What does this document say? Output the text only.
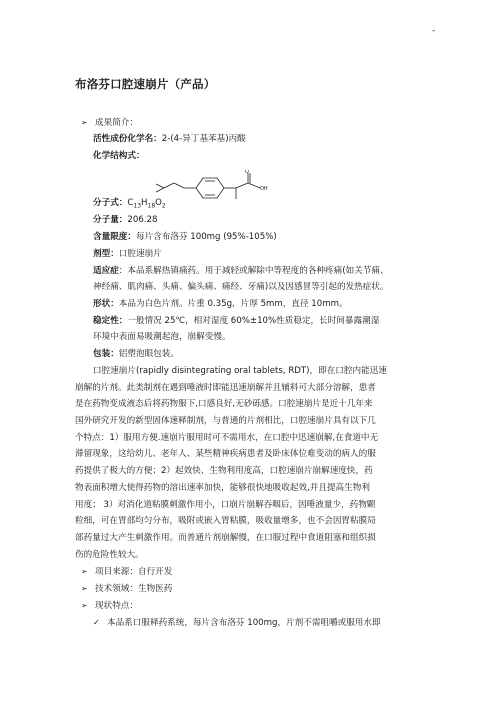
-
布洛芬口腔速崩片（产品）
➢ 成果简介：
活性成份化学名：2-(4-异丁基苯基)丙酸
化学结构式：
O
OH
分子式：$C_{13}H_{18}O_2$
分子量：206.28
含量限度：每片含布洛芬 100mg (95%-105%)
剂型：口腔速崩片
适应症：本品系解热镇痛药。用于减轻或解除中等程度的各种疼痛(如关节痛、
神经痛、肌肉痛、头痛、偏头痛、痛经、牙痛)以及因感冒等引起的发热症状。
形状：本品为白色片剂。片重 0.35g，片厚 5mm，直径 10mm。
稳定性：一般情况 25℃，相对湿度 60%±10%性质稳定，长时间暴露潮湿
环境中表面易吸潮起泡，崩解变慢。
包装：铝塑泡眼包装。
口腔速崩片(rapidly disintegrating oral tablets, RDT)，即在口腔内能迅速
崩解的片剂。此类制剂在遇到唾液时即能迅速崩解并且辅料可大部分溶解，患者
是在药物变成液态后将药物服下,口感良好,无砂砾感。口腔速崩片是近十几年来
国外研究开发的新型固体速释制剂，与普通的片剂相比，口腔速崩片具有以下几
个特点：1）服用方便.速崩片服用时可不需用水，在口腔中迅速崩解,在食道中无
滞留现象，这给幼儿、老年人、某些精神疾病患者及卧床体位难变动的病人的服
药提供了极大的方便；2）起效快、生物利用度高，口腔速崩片崩解速度快，药
物表面积增大使得药物的溶出速率加快，能够很快地吸收起效,并且提高生物利
用度； 3）对消化道粘膜刺激作用小，口崩片崩解吞咽后，因唾液量少，药物颗
粒细，可在胃部均匀分布，吸附或嵌入胃粘膜，吸收量增多，也不会因胃粘膜局
部药量过大产生刺激作用。而普通片剂崩解慢，在口服过程中食道阻塞和组织损
伤的危险性较大。
➢ 项目来源：自行开发
➢ 技术领域：生物医药
➢ 现状特点：
✓ 本品系口服释药系统，每片含布洛芬 100mg，片剂不需咀嚼或服用水即
